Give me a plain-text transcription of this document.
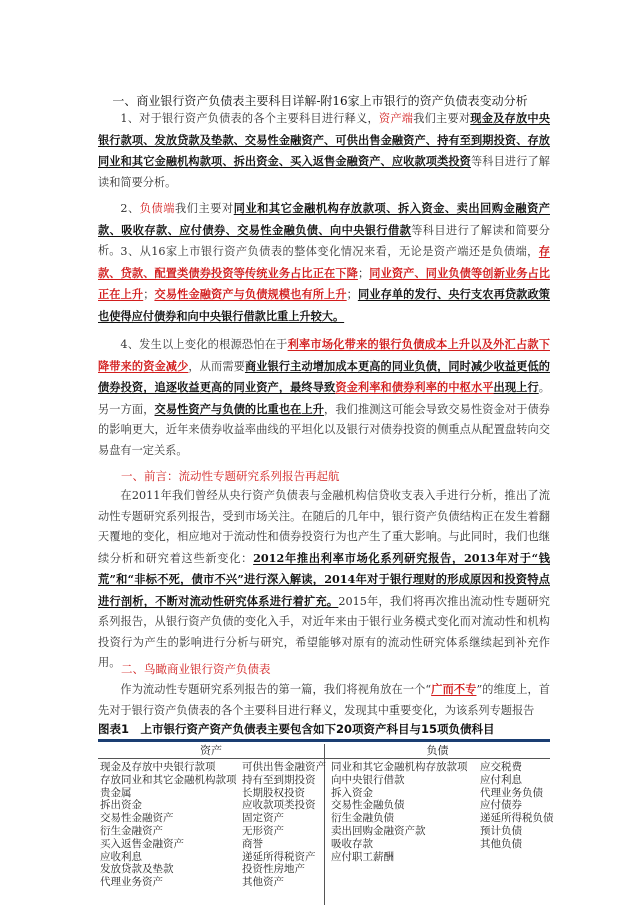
一、商业银行资产负债表主要科目详解-附16家上市银行的资产负债表变动分析

1、对于银行资产负债表的各个主要科目进行释义，资产端我们主要对现金及存放中央银行款项、发放贷款及垫款、交易性金融资产、可供出售金融资产、持有至到期投资、存放同业和其它金融机构款项、拆出资金、买入返售金融资产、应收款项类投资等科目进行了解读和简要分析。

2、负债端我们主要对同业和其它金融机构存放款项、拆入资金、卖出回购金融资产款、吸收存款、应付债券、交易性金融负债、向中央银行借款等科目进行了解读和简要分析。 3、从16家上市银行资产负债表的整体变化情况来看，无论是资产端还是负债端，存款、贷款、配置类债券投资等传统业务占比正在下降；同业资产、同业负债等创新业务占比正在上升；交易性金融资产与负债规模也有所上升；同业存单的发行、央行支农再贷款政策也使得应付债券和向中央银行借款比重上升较大。

4、发生以上变化的根源恐怕在于利率市场化带来的银行负债成本上升以及外汇占款下降带来的资金减少，从而需要商业银行主动增加成本更高的同业负债，同时减少收益更低的债券投资，追逐收益更高的同业资产，最终导致资金利率和债券利率的中枢水平出现上行。另一方面，交易性资产与负债的比重也在上升，我们推测这可能会导致交易性资金对于债券的影响更大，近年来债券收益率曲线的平坦化以及银行对债券投资的侧重点从配置盘转向交易盘有一定关系。

一、前言：流动性专题研究系列报告再起航

在2011年我们曾经从央行资产负债表与金融机构信贷收支表入手进行分析，推出了流动性专题研究系列报告，受到市场关注。在随后的几年中，银行资产负债结构正在发生着翻天覆地的变化，相应地对于流动性和债券投资行为也产生了重大影响。与此同时，我们也继续分析和研究着这些新变化：2012年推出利率市场化系列研究报告，2013年对于“钱荒”和“非标不死，债市不兴”进行深入解读，2014年对于银行理财的形成原因和投资特点进行剖析，不断对流动性研究体系进行着扩充。2015年，我们将再次推出流动性专题研究系列报告，从银行资产负债的变化入手，对近年来由于银行业务模式变化而对流动性和机构投资行为产生的影响进行分析与研究，希望能够对原有的流动性研究体系继续起到补充作用。 二、鸟瞰商业银行资产负债表

作为流动性专题研究系列报告的第一篇，我们将视角放在一个“广而不专”的维度上，首先对于银行资产负债表的各个主要科目进行释义，发现其中重要变化，为该系列专题报告

图表1　上市银行资产资产负债表主要包含如下20项资产科目与15项负债科目
资产	负债
现金及存放中央银行款项
存放同业和其它金融机构款项
贵金属
拆出资金
交易性金融资产
衍生金融资产
买入返售金融资产
应收利息
发放贷款及垫款
代理业务资产
可供出售金融资产
持有至到期投资
长期股权投资
应收款项类投资
固定资产
无形资产
商誉
递延所得税资产
投资性房地产
其他资产
同业和其它金融机构存放款项
向中央银行借款
拆入资金
交易性金融负债
衍生金融负债
卖出回购金融资产款
吸收存款
应付职工薪酬
应交税费
应付利息
代理业务负债
应付债券
递延所得税负债
预计负债
其他负债
